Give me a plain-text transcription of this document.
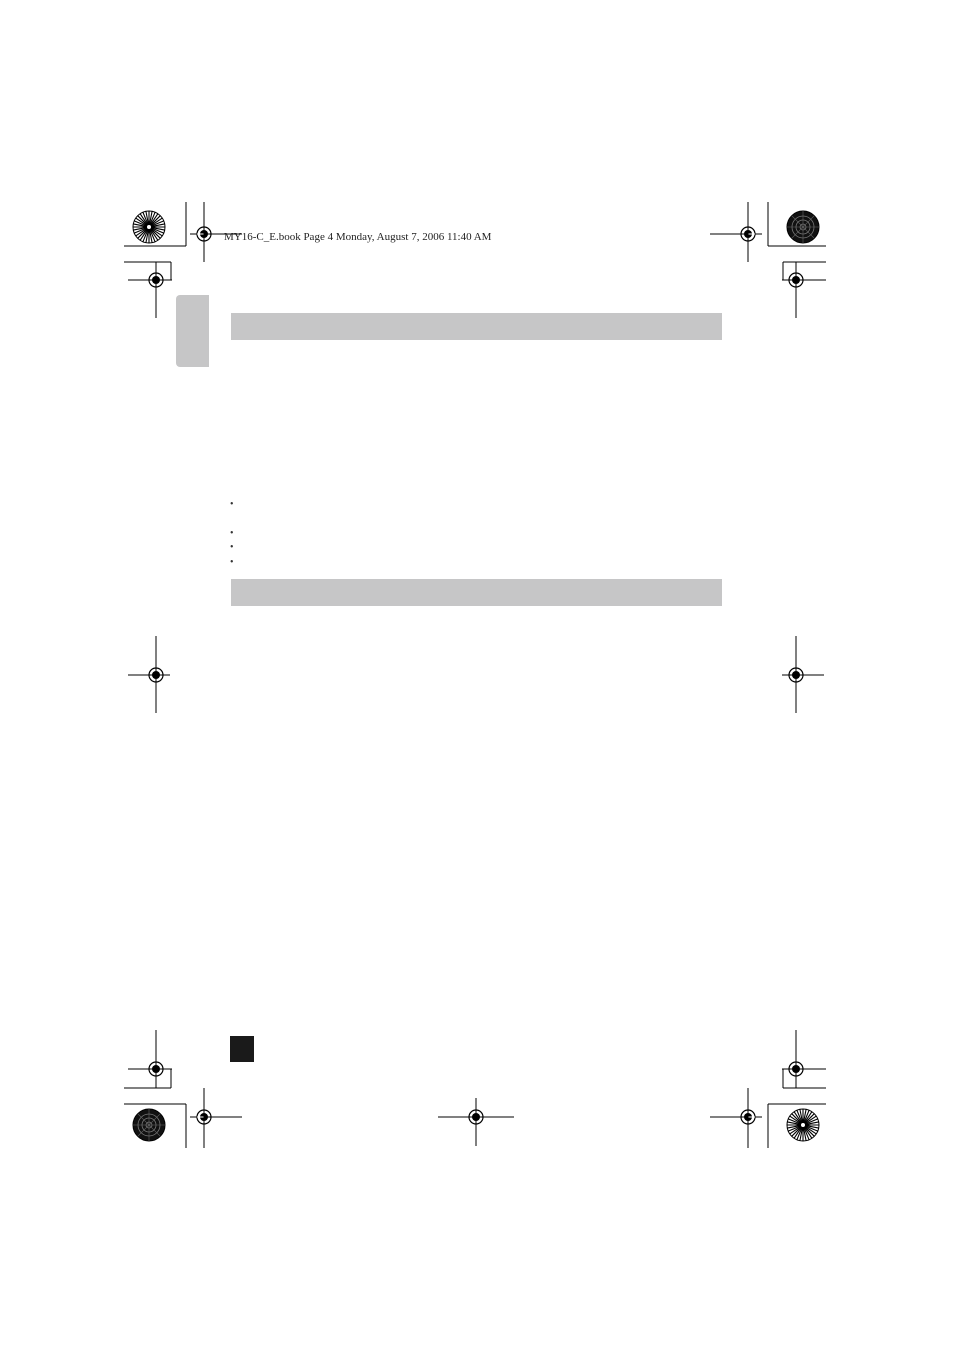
MY16-C_E.book Page 4 Monday, August 7, 2006 11:40 AM
•
•
•
•
